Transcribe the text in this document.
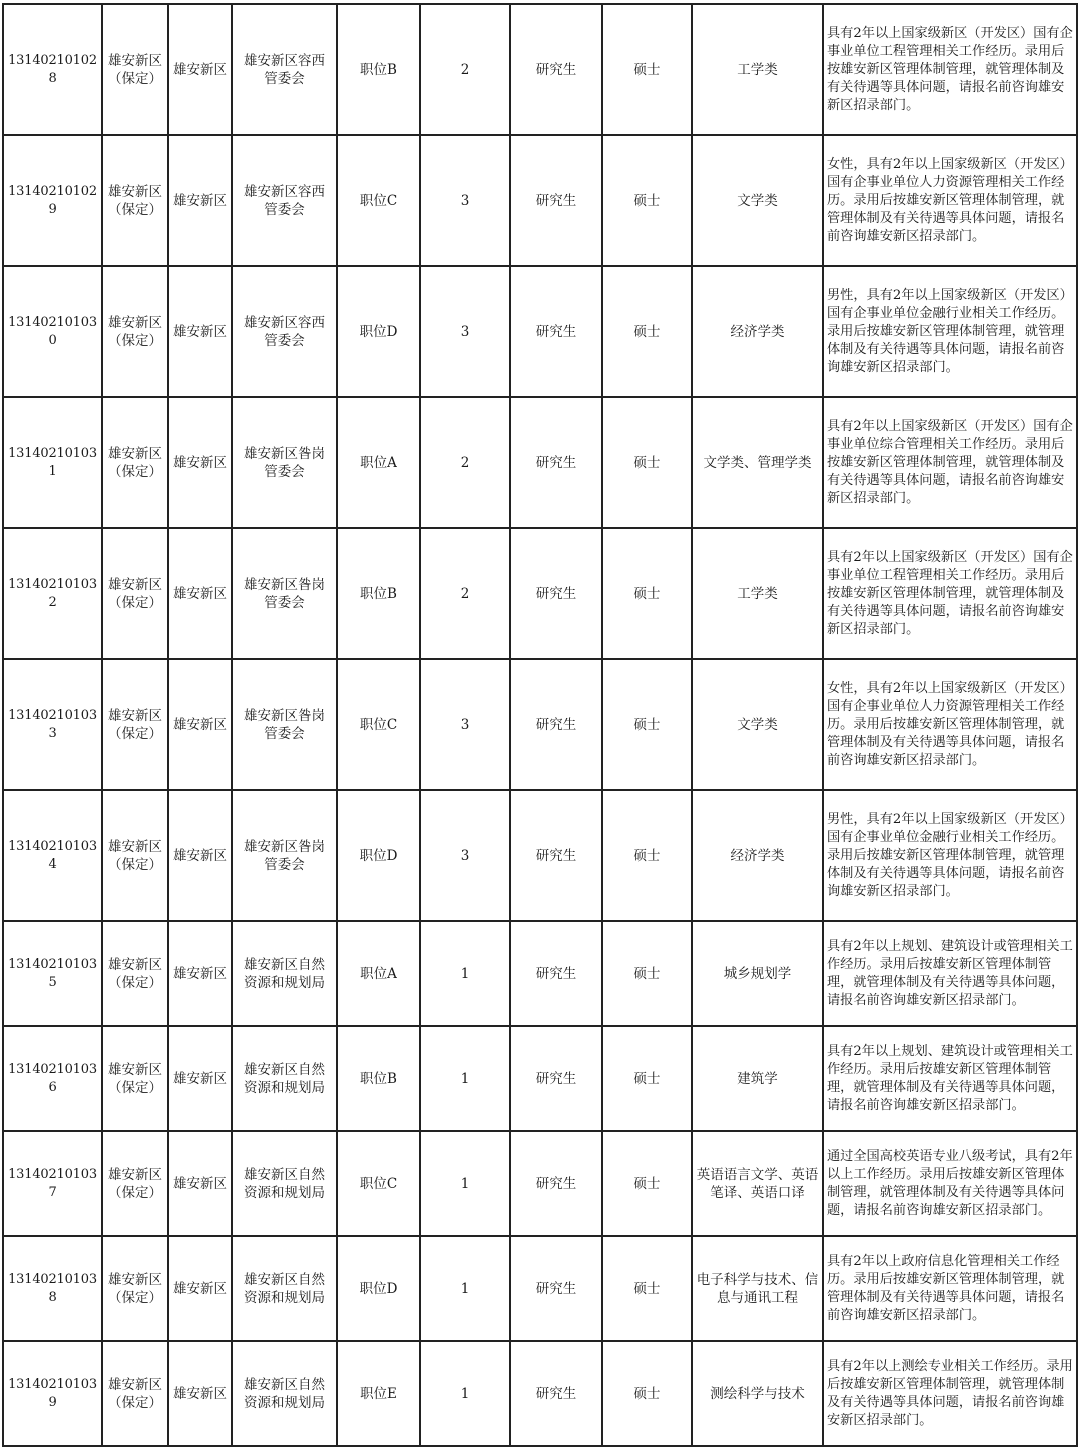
131402101028	雄安新区（保定）	雄安新区	雄安新区容西管委会	职位B	2	研究生	硕士	工学类	具有2年以上国家级新区（开发区）国有企事业单位工程管理相关工作经历。录用后按雄安新区管理体制管理，就管理体制及有关待遇等具体问题，请报名前咨询雄安新区招录部门。
131402101029	雄安新区（保定）	雄安新区	雄安新区容西管委会	职位C	3	研究生	硕士	文学类	女性，具有2年以上国家级新区（开发区）国有企事业单位人力资源管理相关工作经历。录用后按雄安新区管理体制管理，就管理体制及有关待遇等具体问题，请报名前咨询雄安新区招录部门。
131402101030	雄安新区（保定）	雄安新区	雄安新区容西管委会	职位D	3	研究生	硕士	经济学类	男性，具有2年以上国家级新区（开发区）国有企事业单位金融行业相关工作经历。录用后按雄安新区管理体制管理，就管理体制及有关待遇等具体问题，请报名前咨询雄安新区招录部门。
131402101031	雄安新区（保定）	雄安新区	雄安新区昝岗管委会	职位A	2	研究生	硕士	文学类、管理学类	具有2年以上国家级新区（开发区）国有企事业单位综合管理相关工作经历。录用后按雄安新区管理体制管理，就管理体制及有关待遇等具体问题，请报名前咨询雄安新区招录部门。
131402101032	雄安新区（保定）	雄安新区	雄安新区昝岗管委会	职位B	2	研究生	硕士	工学类	具有2年以上国家级新区（开发区）国有企事业单位工程管理相关工作经历。录用后按雄安新区管理体制管理，就管理体制及有关待遇等具体问题，请报名前咨询雄安新区招录部门。
131402101033	雄安新区（保定）	雄安新区	雄安新区昝岗管委会	职位C	3	研究生	硕士	文学类	女性，具有2年以上国家级新区（开发区）国有企事业单位人力资源管理相关工作经历。录用后按雄安新区管理体制管理，就管理体制及有关待遇等具体问题，请报名前咨询雄安新区招录部门。
131402101034	雄安新区（保定）	雄安新区	雄安新区昝岗管委会	职位D	3	研究生	硕士	经济学类	男性，具有2年以上国家级新区（开发区）国有企事业单位金融行业相关工作经历。录用后按雄安新区管理体制管理，就管理体制及有关待遇等具体问题，请报名前咨询雄安新区招录部门。
131402101035	雄安新区（保定）	雄安新区	雄安新区自然资源和规划局	职位A	1	研究生	硕士	城乡规划学	具有2年以上规划、建筑设计或管理相关工作经历。录用后按雄安新区管理体制管理，就管理体制及有关待遇等具体问题，请报名前咨询雄安新区招录部门。
131402101036	雄安新区（保定）	雄安新区	雄安新区自然资源和规划局	职位B	1	研究生	硕士	建筑学	具有2年以上规划、建筑设计或管理相关工作经历。录用后按雄安新区管理体制管理，就管理体制及有关待遇等具体问题，请报名前咨询雄安新区招录部门。
131402101037	雄安新区（保定）	雄安新区	雄安新区自然资源和规划局	职位C	1	研究生	硕士	英语语言文学、英语笔译、英语口译	通过全国高校英语专业八级考试，具有2年以上工作经历。录用后按雄安新区管理体制管理，就管理体制及有关待遇等具体问题，请报名前咨询雄安新区招录部门。
131402101038	雄安新区（保定）	雄安新区	雄安新区自然资源和规划局	职位D	1	研究生	硕士	电子科学与技术、信息与通讯工程	具有2年以上政府信息化管理相关工作经历。录用后按雄安新区管理体制管理，就管理体制及有关待遇等具体问题，请报名前咨询雄安新区招录部门。
131402101039	雄安新区（保定）	雄安新区	雄安新区自然资源和规划局	职位E	1	研究生	硕士	测绘科学与技术	具有2年以上测绘专业相关工作经历。录用后按雄安新区管理体制管理，就管理体制及有关待遇等具体问题，请报名前咨询雄安新区招录部门。
